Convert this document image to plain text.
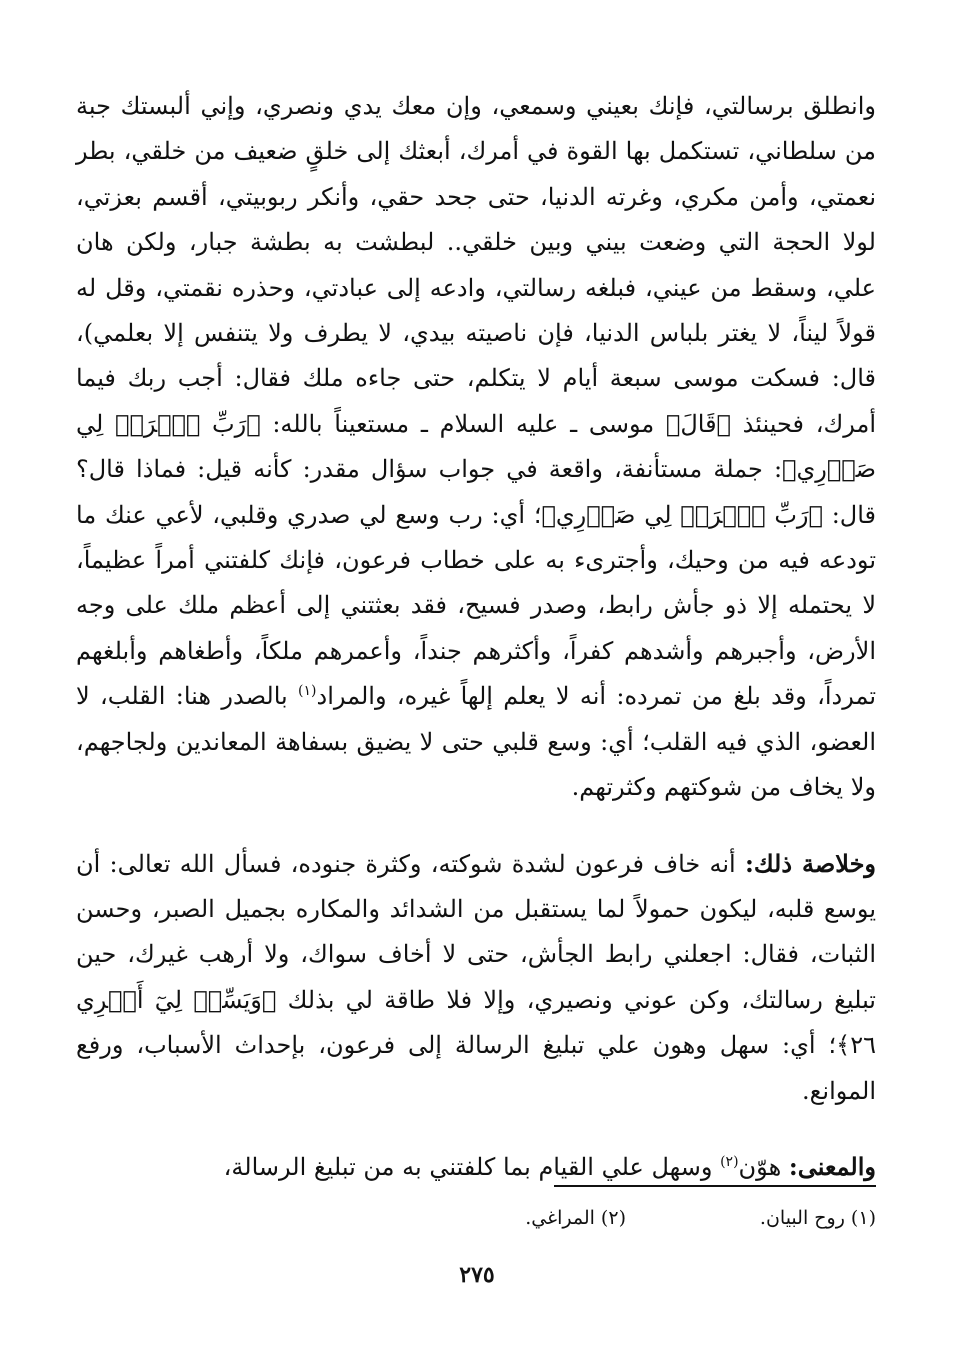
وانطلق برسالتي، فإنك بعيني وسمعي، وإن معك يدي ونصري، وإني ألبستك جبة من سلطاني، تستكمل بها القوة في أمرك، أبعثك إلى خلقٍ ضعيف من خلقي، بطر نعمتي، وأمن مكري، وغرته الدنيا، حتى جحد حقي، وأنكر ربوبيتي، أقسم بعزتي، لولا الحجة التي وضعت بيني وبين خلقي.. لبطشت به بطشة جبار، ولكن هان علي، وسقط من عيني، فبلغه رسالتي، وادعه إلى عبادتي، وحذره نقمتي، وقل له قولاً ليناً، لا يغتر بلباس الدنيا، فإن ناصيته بيدي، لا يطرف ولا يتنفس إلا بعلمي)، قال: فسكت موسى سبعة أيام لا يتكلم، حتى جاءه ملك فقال: أجب ربك فيما أمرك، فحينئذ ﴿قَالَ﴾ موسى ـ عليه السلام ـ مستعيناً بالله: ﴿رَبِّ ٱشۡرَحۡ لِي صَدۡرِي﴾: جملة مستأنفة، واقعة في جواب سؤال مقدر: كأنه قيل: فماذا قال؟ قال: ﴿رَبِّ ٱشۡرَحۡ لِي صَدۡرِي﴾؛ أي: رب وسع لي صدري وقلبي، لأعي عنك ما تودعه فيه من وحيك، وأجترىء به على خطاب فرعون، فإنك كلفتني أمراً عظيماً، لا يحتمله إلا ذو جأش رابط، وصدر فسيح، فقد بعثتني إلى أعظم ملك على وجه الأرض، وأجبرهم وأشدهم كفراً، وأكثرهم جنداً، وأعمرهم ملكاً، وأطغاهم وأبلغهم تمرداً، وقد بلغ من تمرده: أنه لا يعلم إلهاً غيره، والمراد$^{(١)}$ بالصدر هنا: القلب، لا العضو، الذي فيه القلب؛ أي: وسع قلبي حتى لا يضيق بسفاهة المعاندين ولجاجهم، ولا يخاف من شوكتهم وكثرتهم.

وخلاصة ذلك: أنه خاف فرعون لشدة شوكته، وكثرة جنوده، فسأل الله تعالى: أن يوسع قلبه، ليكون حمولاً لما يستقبل من الشدائد والمكاره بجميل الصبر، وحسن الثبات، فقال: اجعلني رابط الجأش، حتى لا أخاف سواك، ولا أرهب غيرك، حين تبليغ رسالتك، وكن عوني ونصيري، وإلا فلا طاقة لي بذلك ﴿وَيَسِّرۡ لِيٓ أَمۡرِي ٢٦﴾؛ أي: سهل وهون علي تبليغ الرسالة إلى فرعون، بإحداث الأسباب، ورفع الموانع.

والمعنى: هوّن$^{(٢)}$ وسهل علي القيام بما كلفتني به من تبليغ الرسالة،

(١) روح البيان.
(٢) المراغي.
٢٧٥
